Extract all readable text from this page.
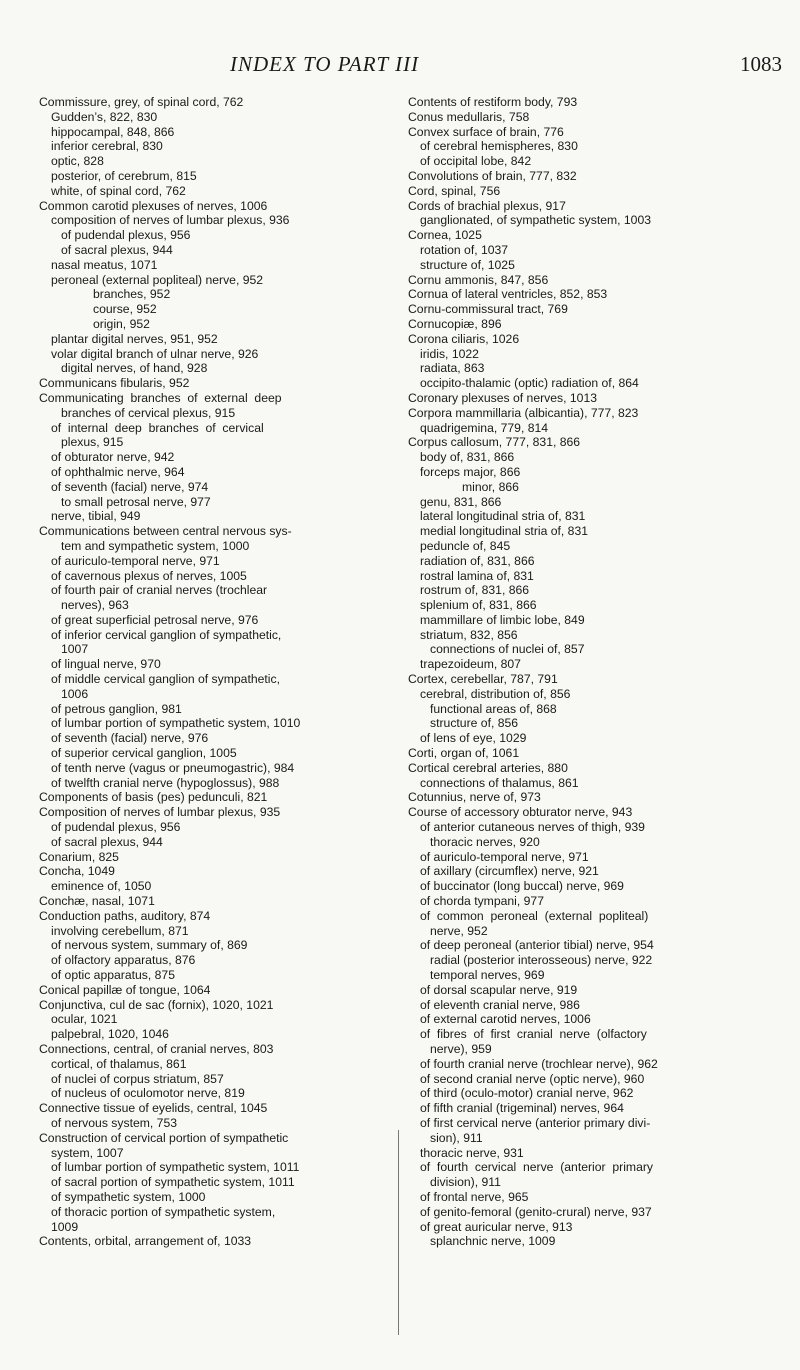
INDEX TO PART III	1083
Commissure, grey, of spinal cord, 762
Gudden’s, 822, 830
hippocampal, 848, 866
inferior cerebral, 830
optic, 828
posterior, of cerebrum, 815
white, of spinal cord, 762
Common carotid plexuses of nerves, 1006
composition of nerves of lumbar plexus, 936
of pudendal plexus, 956
of sacral plexus, 944
nasal meatus, 1071
peroneal (external popliteal) nerve, 952
branches, 952
course, 952
origin, 952
plantar digital nerves, 951, 952
volar digital branch of ulnar nerve, 926
digital nerves, of hand, 928
Communicans fibularis, 952
Communicating  branches  of  external  deep
branches of cervical plexus, 915
of  internal  deep  branches  of  cervical
plexus, 915
of obturator nerve, 942
of ophthalmic nerve, 964
of seventh (facial) nerve, 974
to small petrosal nerve, 977
nerve, tibial, 949
Communications between central nervous sys-
tem and sympathetic system, 1000
of auriculo-temporal nerve, 971
of cavernous plexus of nerves, 1005
of fourth pair of cranial nerves (trochlear
nerves), 963
of great superficial petrosal nerve, 976
of inferior cervical ganglion of sympathetic,
1007
of lingual nerve, 970
of middle cervical ganglion of sympathetic,
1006
of petrous ganglion, 981
of lumbar portion of sympathetic system, 1010
of seventh (facial) nerve, 976
of superior cervical ganglion, 1005
of tenth nerve (vagus or pneumogastric), 984
of twelfth cranial nerve (hypoglossus), 988
Components of basis (pes) pedunculi, 821
Composition of nerves of lumbar plexus, 935
of pudendal plexus, 956
of sacral plexus, 944
Conarium, 825
Concha, 1049
eminence of, 1050
Conchæ, nasal, 1071
Conduction paths, auditory, 874
involving cerebellum, 871
of nervous system, summary of, 869
of olfactory apparatus, 876
of optic apparatus, 875
Conical papillæ of tongue, 1064
Conjunctiva, cul de sac (fornix), 1020, 1021
ocular, 1021
palpebral, 1020, 1046
Connections, central, of cranial nerves, 803
cortical, of thalamus, 861
of nuclei of corpus striatum, 857
of nucleus of oculomotor nerve, 819
Connective tissue of eyelids, central, 1045
of nervous system, 753
Construction of cervical portion of sympathetic
system, 1007
of lumbar portion of sympathetic system, 1011
of sacral portion of sympathetic system, 1011
of sympathetic system, 1000
of thoracic portion of sympathetic system,
1009
Contents, orbital, arrangement of, 1033
Contents of restiform body, 793
Conus medullaris, 758
Convex surface of brain, 776
of cerebral hemispheres, 830
of occipital lobe, 842
Convolutions of brain, 777, 832
Cord, spinal, 756
Cords of brachial plexus, 917
ganglionated, of sympathetic system, 1003
Cornea, 1025
rotation of, 1037
structure of, 1025
Cornu ammonis, 847, 856
Cornua of lateral ventricles, 852, 853
Cornu-commissural tract, 769
Cornucopiæ, 896
Corona ciliaris, 1026
iridis, 1022
radiata, 863
occipito-thalamic (optic) radiation of, 864
Coronary plexuses of nerves, 1013
Corpora mammillaria (albicantia), 777, 823
quadrigemina, 779, 814
Corpus callosum, 777, 831, 866
body of, 831, 866
forceps major, 866
minor, 866
genu, 831, 866
lateral longitudinal stria of, 831
medial longitudinal stria of, 831
peduncle of, 845
radiation of, 831, 866
rostral lamina of, 831
rostrum of, 831, 866
splenium of, 831, 866
mammillare of limbic lobe, 849
striatum, 832, 856
connections of nuclei of, 857
trapezoideum, 807
Cortex, cerebellar, 787, 791
cerebral, distribution of, 856
functional areas of, 868
structure of, 856
of lens of eye, 1029
Corti, organ of, 1061
Cortical cerebral arteries, 880
connections of thalamus, 861
Cotunnius, nerve of, 973
Course of accessory obturator nerve, 943
of anterior cutaneous nerves of thigh, 939
thoracic nerves, 920
of auriculo-temporal nerve, 971
of axillary (circumflex) nerve, 921
of buccinator (long buccal) nerve, 969
of chorda tympani, 977
of  common  peroneal  (external  popliteal)
nerve, 952
of deep peroneal (anterior tibial) nerve, 954
radial (posterior interosseous) nerve, 922
temporal nerves, 969
of dorsal scapular nerve, 919
of eleventh cranial nerve, 986
of external carotid nerves, 1006
of  fibres  of  first  cranial  nerve  (olfactory
nerve), 959
of fourth cranial nerve (trochlear nerve), 962
of second cranial nerve (optic nerve), 960
of third (oculo-motor) cranial nerve, 962
of fifth cranial (trigeminal) nerves, 964
of first cervical nerve (anterior primary divi-
sion), 911
thoracic nerve, 931
of  fourth  cervical  nerve  (anterior  primary
division), 911
of frontal nerve, 965
of genito-femoral (genito-crural) nerve, 937
of great auricular nerve, 913
splanchnic nerve, 1009
